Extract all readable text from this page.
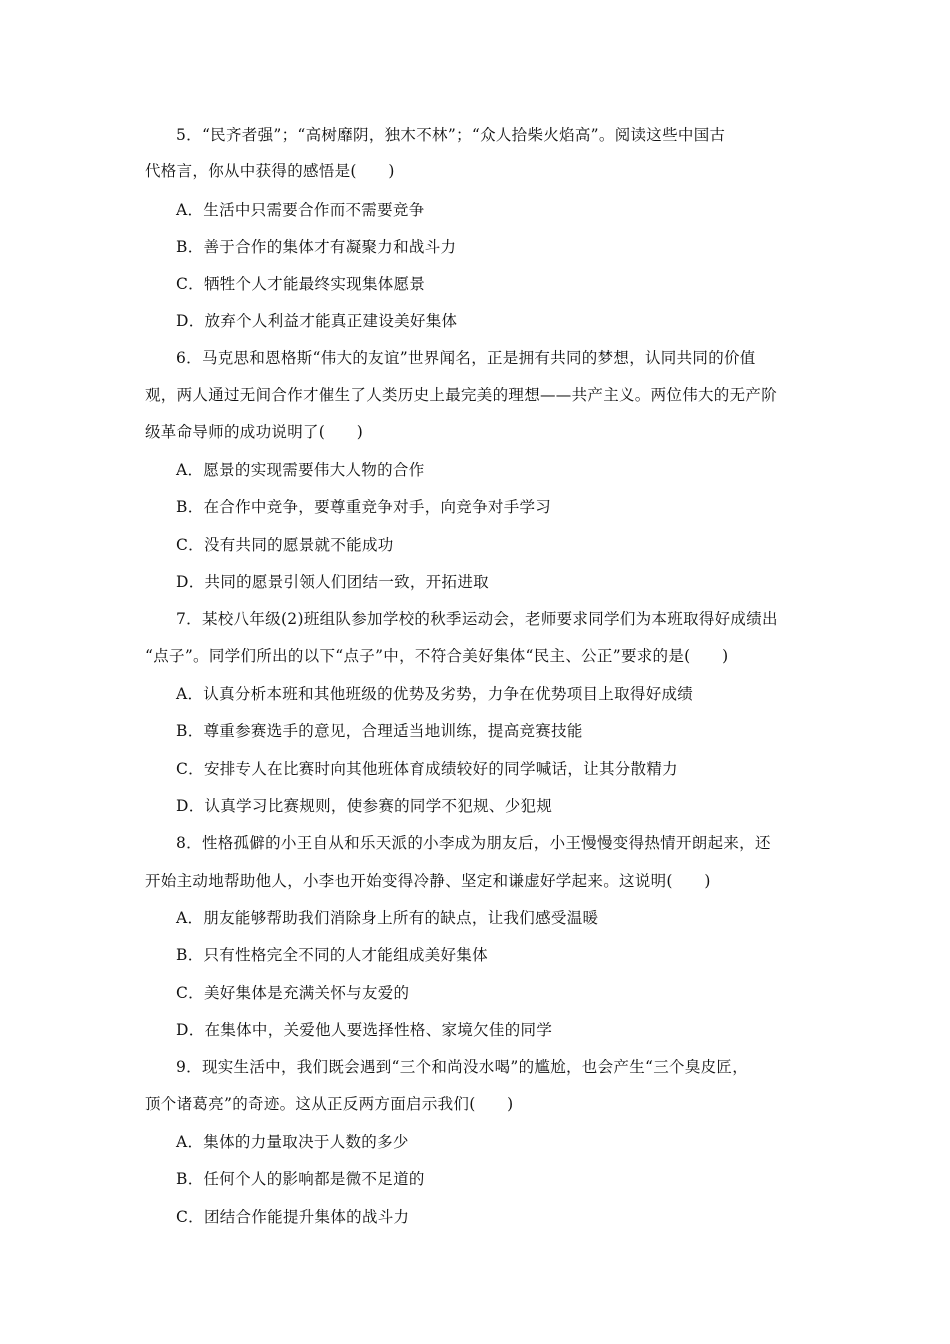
5．“民齐者强”；“高树靡阴，独木不林”；“众人拾柴火焰高”。阅读这些中国古
代格言，你从中获得的感悟是(　　)
A．生活中只需要合作而不需要竞争
B．善于合作的集体才有凝聚力和战斗力
C．牺牲个人才能最终实现集体愿景
D．放弃个人利益才能真正建设美好集体
6．马克思和恩格斯“伟大的友谊”世界闻名，正是拥有共同的梦想，认同共同的价值
观，两人通过无间合作才催生了人类历史上最完美的理想——共产主义。两位伟大的无产阶
级革命导师的成功说明了(　　)
A．愿景的实现需要伟大人物的合作
B．在合作中竞争，要尊重竞争对手，向竞争对手学习
C．没有共同的愿景就不能成功
D．共同的愿景引领人们团结一致，开拓进取
7．某校八年级(2)班组队参加学校的秋季运动会，老师要求同学们为本班取得好成绩出
“点子”。同学们所出的以下“点子”中，不符合美好集体“民主、公正”要求的是(　　)
A．认真分析本班和其他班级的优势及劣势，力争在优势项目上取得好成绩
B．尊重参赛选手的意见，合理适当地训练，提高竞赛技能
C．安排专人在比赛时向其他班体育成绩较好的同学喊话，让其分散精力
D．认真学习比赛规则，使参赛的同学不犯规、少犯规
8．性格孤僻的小王自从和乐天派的小李成为朋友后，小王慢慢变得热情开朗起来，还
开始主动地帮助他人，小李也开始变得冷静、坚定和谦虚好学起来。这说明(　　)
A．朋友能够帮助我们消除身上所有的缺点，让我们感受温暖
B．只有性格完全不同的人才能组成美好集体
C．美好集体是充满关怀与友爱的
D．在集体中，关爱他人要选择性格、家境欠佳的同学
9．现实生活中，我们既会遇到“三个和尚没水喝”的尴尬，也会产生“三个臭皮匠，
顶个诸葛亮”的奇迹。这从正反两方面启示我们(　　)
A．集体的力量取决于人数的多少
B．任何个人的影响都是微不足道的
C．团结合作能提升集体的战斗力
